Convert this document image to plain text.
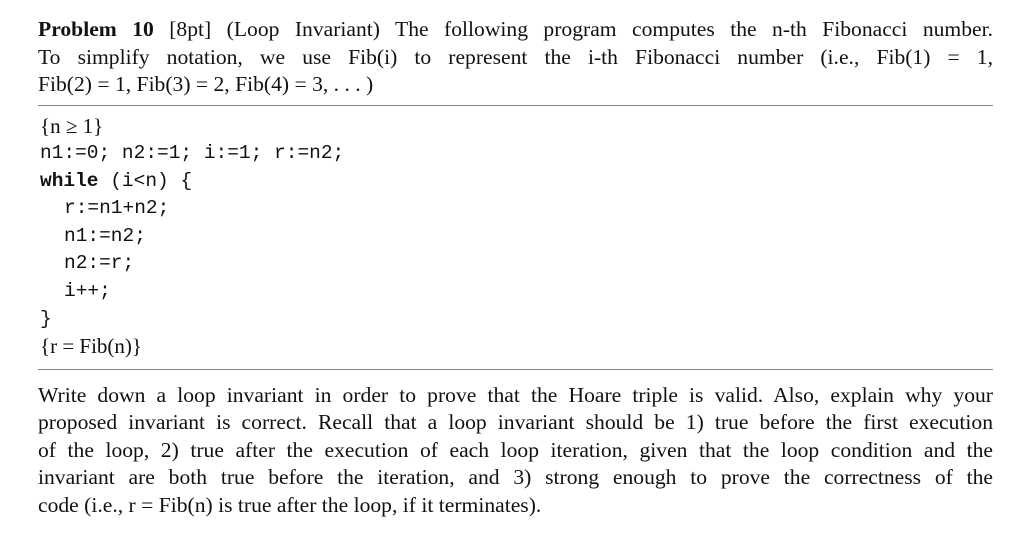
Problem 10 [8pt] (Loop Invariant) The following program computes the n-th Fibonacci number.
To simplify notation, we use Fib(i) to represent the i-th Fibonacci number (i.e., Fib(1) = 1,
Fib(2) = 1, Fib(3) = 2, Fib(4) = 3, . . . )

{n ≥ 1}
n1:=0; n2:=1; i:=1; r:=n2;
while (i<n) {
r:=n1+n2;
n1:=n2;
n2:=r;
i++;
}
{r = Fib(n)}

Write down a loop invariant in order to prove that the Hoare triple is valid. Also, explain why your
proposed invariant is correct. Recall that a loop invariant should be 1) true before the first execution
of the loop, 2) true after the execution of each loop iteration, given that the loop condition and the
invariant are both true before the iteration, and 3) strong enough to prove the correctness of the
code (i.e., r = Fib(n) is true after the loop, if it terminates).
